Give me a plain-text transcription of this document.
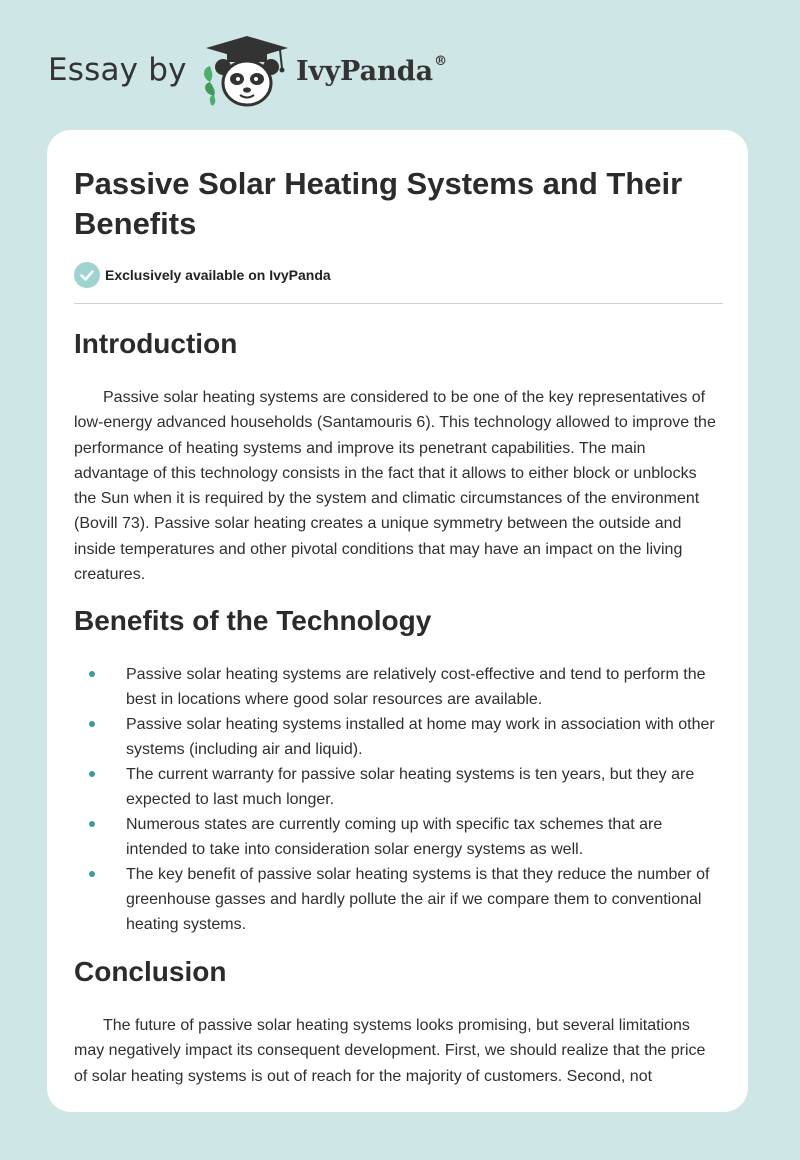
Essay by	IvyPanda®
Passive Solar Heating Systems and Their Benefits
Exclusively available on IvyPanda
Introduction

Passive solar heating systems are considered to be one of the key representatives of low-energy advanced households (Santamouris 6). This technology allowed to improve the performance of heating systems and improve its penetrant capabilities. The main advantage of this technology consists in the fact that it allows to either block or unblocks the Sun when it is required by the system and climatic circumstances of the environment (Bovill 73). Passive solar heating creates a unique symmetry between the outside and inside temperatures and other pivotal conditions that may have an impact on the living creatures.

Benefits of the Technology
Passive solar heating systems are relatively cost-effective and tend to perform the best in locations where good solar resources are available.
Passive solar heating systems installed at home may work in association with other systems (including air and liquid).
The current warranty for passive solar heating systems is ten years, but they are expected to last much longer.
Numerous states are currently coming up with specific tax schemes that are intended to take into consideration solar energy systems as well.
The key benefit of passive solar heating systems is that they reduce the number of greenhouse gasses and hardly pollute the air if we compare them to conventional heating systems.
Conclusion

The future of passive solar heating systems looks promising, but several limitations may negatively impact its consequent development. First, we should realize that the price of solar heating systems is out of reach for the majority of customers. Second, not
